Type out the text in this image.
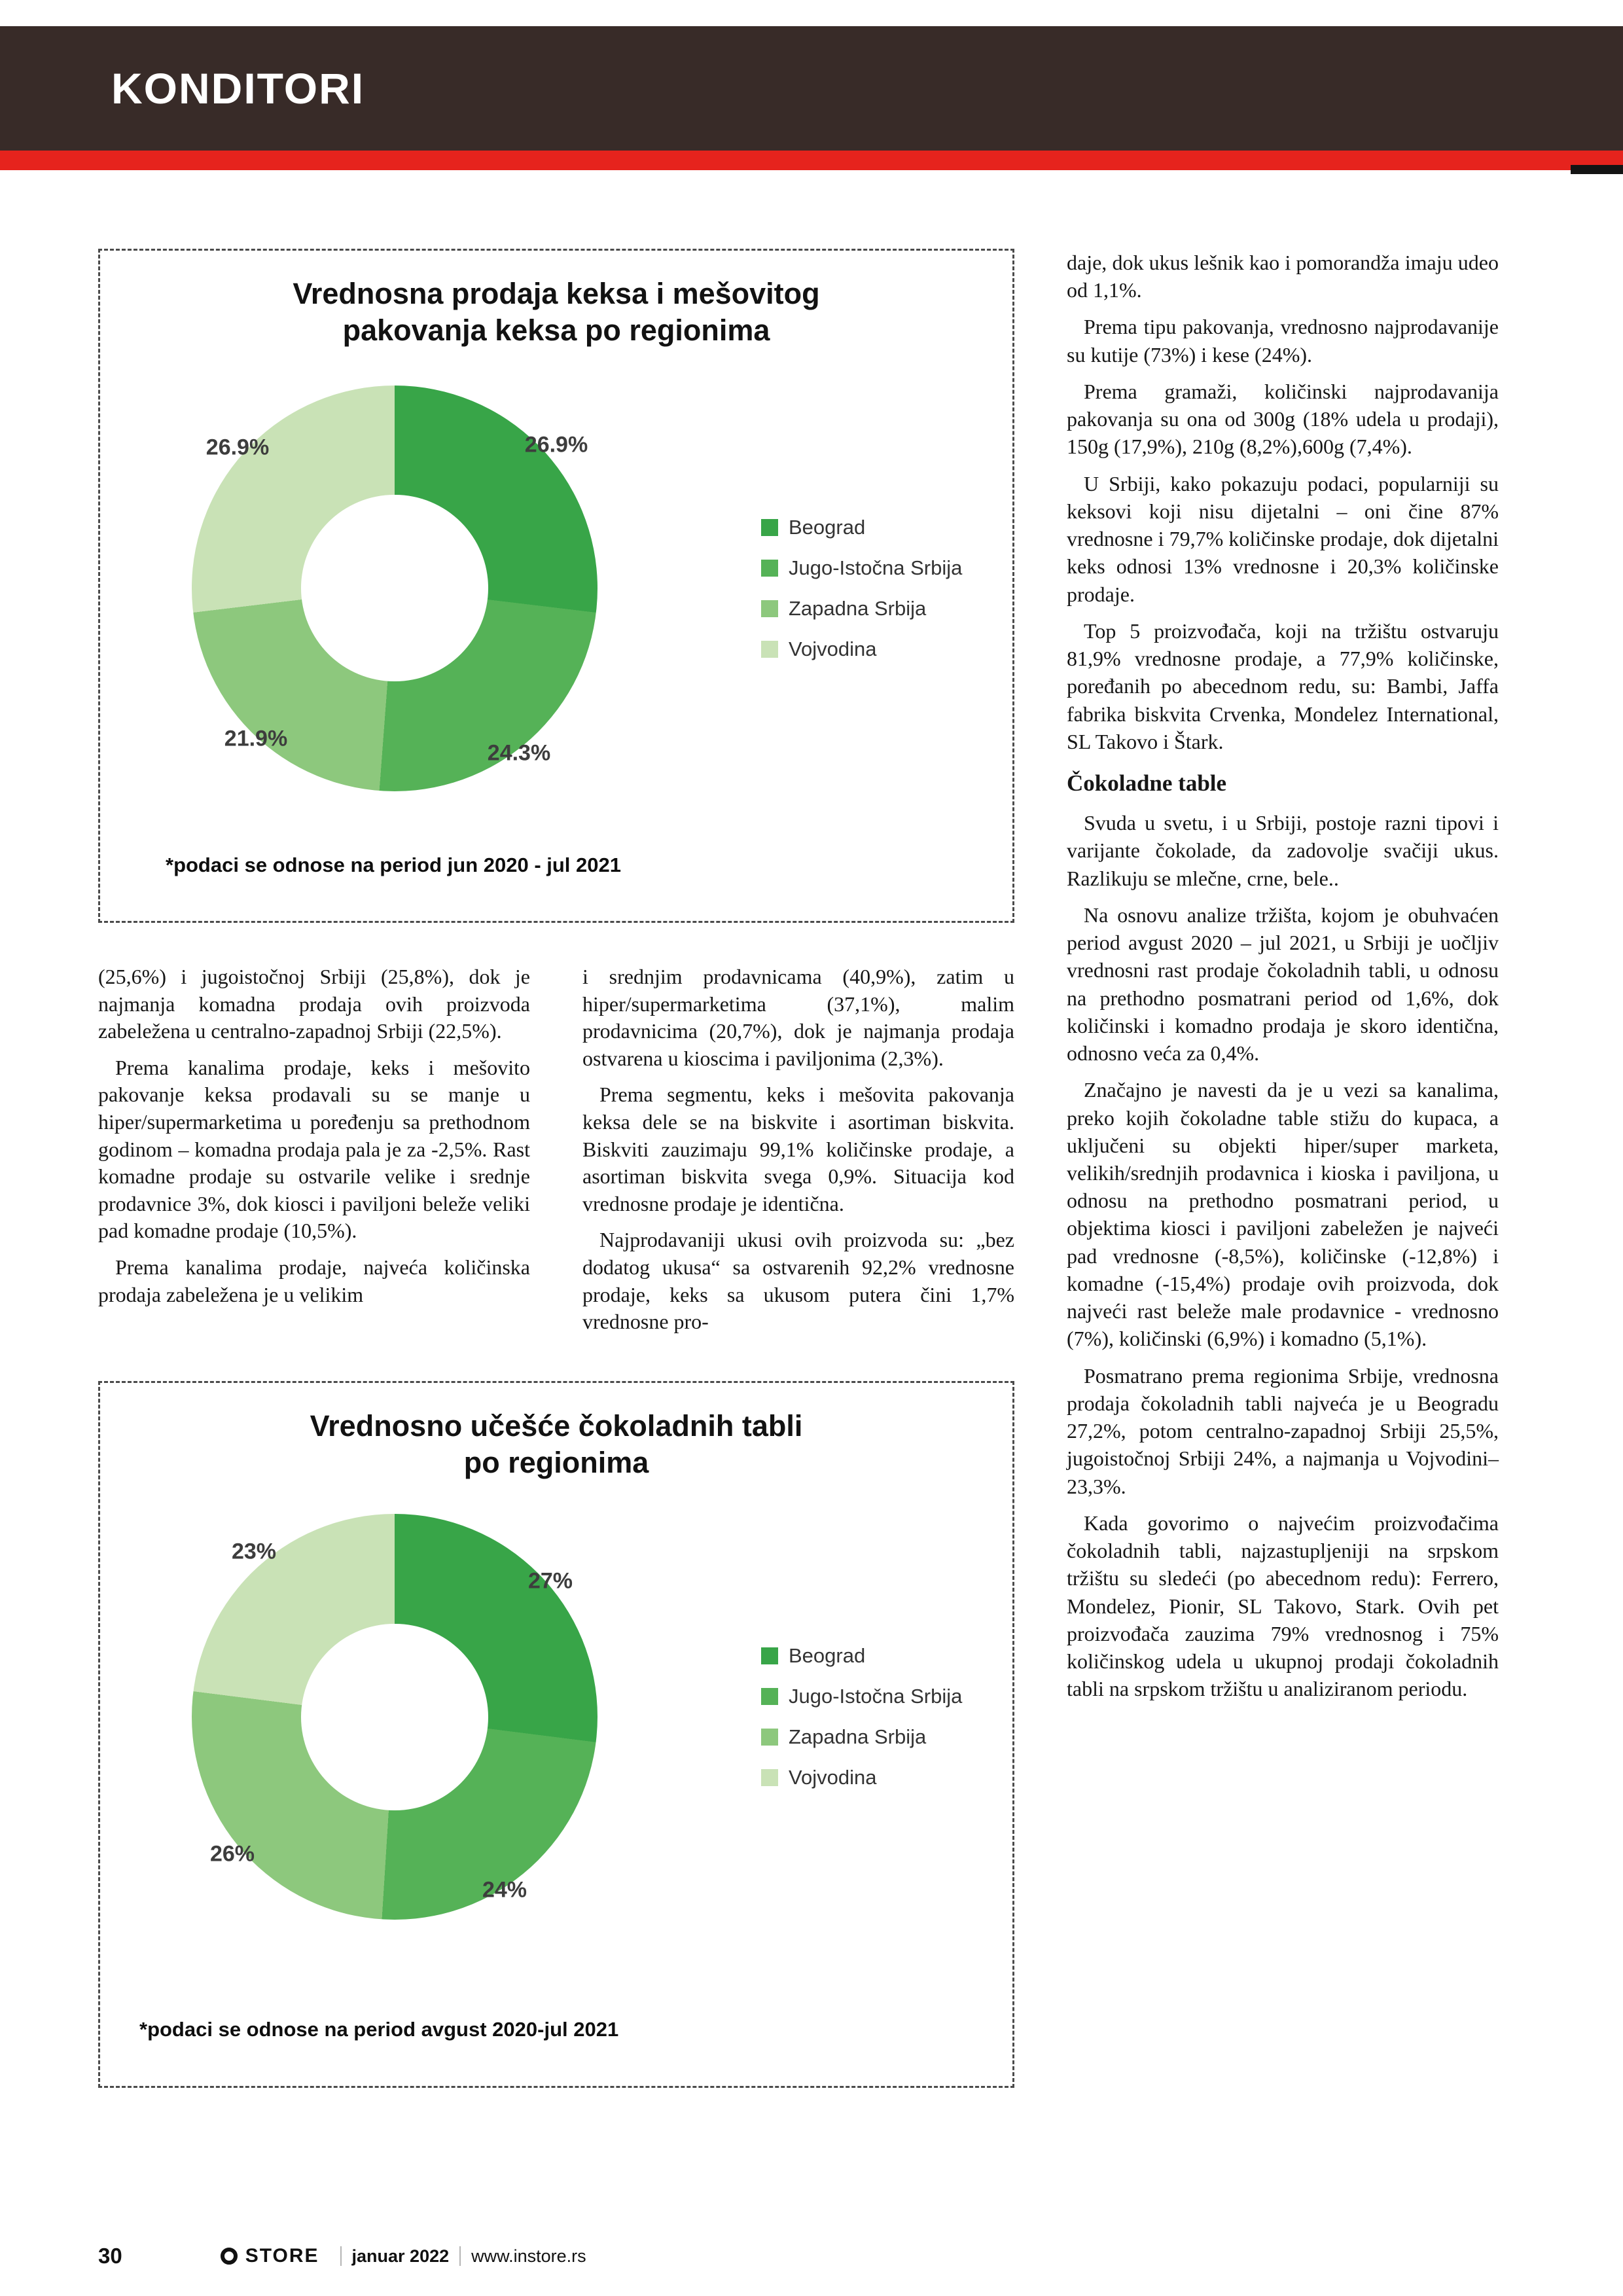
KONDITORI
Vrednosna prodaja keksa i mešovitog
pakovanja keksa po regionima
26.9%
24.3%
21.9%
26.9%
Beograd
Jugo-Istočna Srbija
Zapadna Srbija
Vojvodina

*podaci se odnose na period jun 2020 - jul 2021

(25,6%) i jugoistočnoj Srbiji (25,8%), dok je najmanja komadna prodaja ovih proizvoda zabeležena u centralno-zapadnoj Srbiji (22,5%).

Prema kanalima prodaje, keks i mešovito pakovanje keksa prodavali su se manje u hiper/supermarketima u poređenju sa prethodnom godinom – komadna prodaja pala je za -2,5%. Rast komadne prodaje su ostvarile velike i srednje prodavnice 3%, dok kiosci i paviljoni beleže veliki pad komadne prodaje (10,5%).

Prema kanalima prodaje, najveća količinska prodaja zabeležena je u velikim

i srednjim prodavnicama (40,9%), zatim u hiper/supermarketima (37,1%), malim prodavnicima (20,7%), dok je najmanja prodaja ostvarena u kioscima i paviljonima (2,3%).

Prema segmentu, keks i mešovita pakovanja keksa dele se na biskvite i asortiman biskvita. Biskviti zauzimaju 99,1% količinske prodaje, a asortiman biskvita svega 0,9%. Situacija kod vrednosne prodaje je identična.

Najprodavaniji ukusi ovih proizvoda su: „bez dodatog ukusa“ sa ostvarenih 92,2% vrednosne prodaje, keks sa ukusom putera čini 1,7% vrednosne pro-

Vrednosno učešće čokoladnih tabli
po regionima
27%
24%
26%
23%
Beograd
Jugo-Istočna Srbija
Zapadna Srbija
Vojvodina

*podaci se odnose na period avgust 2020-jul 2021

daje, dok ukus lešnik kao i pomorandža imaju udeo od 1,1%.

Prema tipu pakovanja, vrednosno najprodavanije su kutije (73%) i kese (24%).

Prema gramaži, količinski najprodavanija pakovanja su ona od 300g (18% udela u prodaji), 150g (17,9%), 210g (8,2%),600g (7,4%).

U Srbiji, kako pokazuju podaci, popularniji su keksovi koji nisu dijetalni – oni čine 87% vrednosne i 79,7% količinske prodaje, dok dijetalni keks odnosi 13% vrednosne i 20,3% količinske prodaje.

Top 5 proizvođača, koji na tržištu ostvaruju 81,9% vrednosne prodaje, a 77,9% količinske, poređanih po abecednom redu, su: Bambi, Jaffa fabrika biskvita Crvenka, Mondelez International, SL Takovo i Štark.

Čokoladne table

Svuda u svetu, i u Srbiji, postoje razni tipovi i varijante čokolade, da zadovolje svačiji ukus. Razlikuju se mlečne, crne, bele..

Na osnovu analize tržišta, kojom je obuhvaćen period avgust 2020 – jul 2021, u Srbiji je uočljiv vrednosni rast prodaje čokoladnih tabli, u odnosu na prethodno posmatrani period od 1,6%, dok količinski i komadno prodaja je skoro identična, odnosno veća za 0,4%.

Značajno je navesti da je u vezi sa kanalima, preko kojih čokoladne table stižu do kupaca, a uključeni su objekti hiper/super marketa, velikih/srednjih prodavnica i kioska i paviljona, u odnosu na prethodno posmatrani period, u objektima kiosci i paviljoni zabeležen je najveći pad vrednosne (-8,5%), količinske (-12,8%) i komadne (-15,4%) prodaje ovih proizvoda, dok najveći rast beleže male prodavnice - vrednosno (7%), količinski (6,9%) i komadno (5,1%).

Posmatrano prema regionima Srbije, vrednosna prodaja čokoladnih tabli najveća je u Beogradu 27,2%, potom centralno-zapadnoj Srbiji 25,5%, jugoistočnoj Srbiji 24%, a najmanja u Vojvodini– 23,3%.

Kada govorimo o najvećim proizvođačima čokoladnih tabli, najzastupljeniji na srpskom tržištu su sledeći (po abecednom redu): Ferrero, Mondelez, Pionir, SL Takovo, Stark. Ovih pet proizvođača zauzima 79% vrednosnog i 75% količinskog udela u ukupnoj prodaji čokoladnih tabli na srpskom tržištu u analiziranom periodu.

30	STORE januar 2022 www.instore.rs
